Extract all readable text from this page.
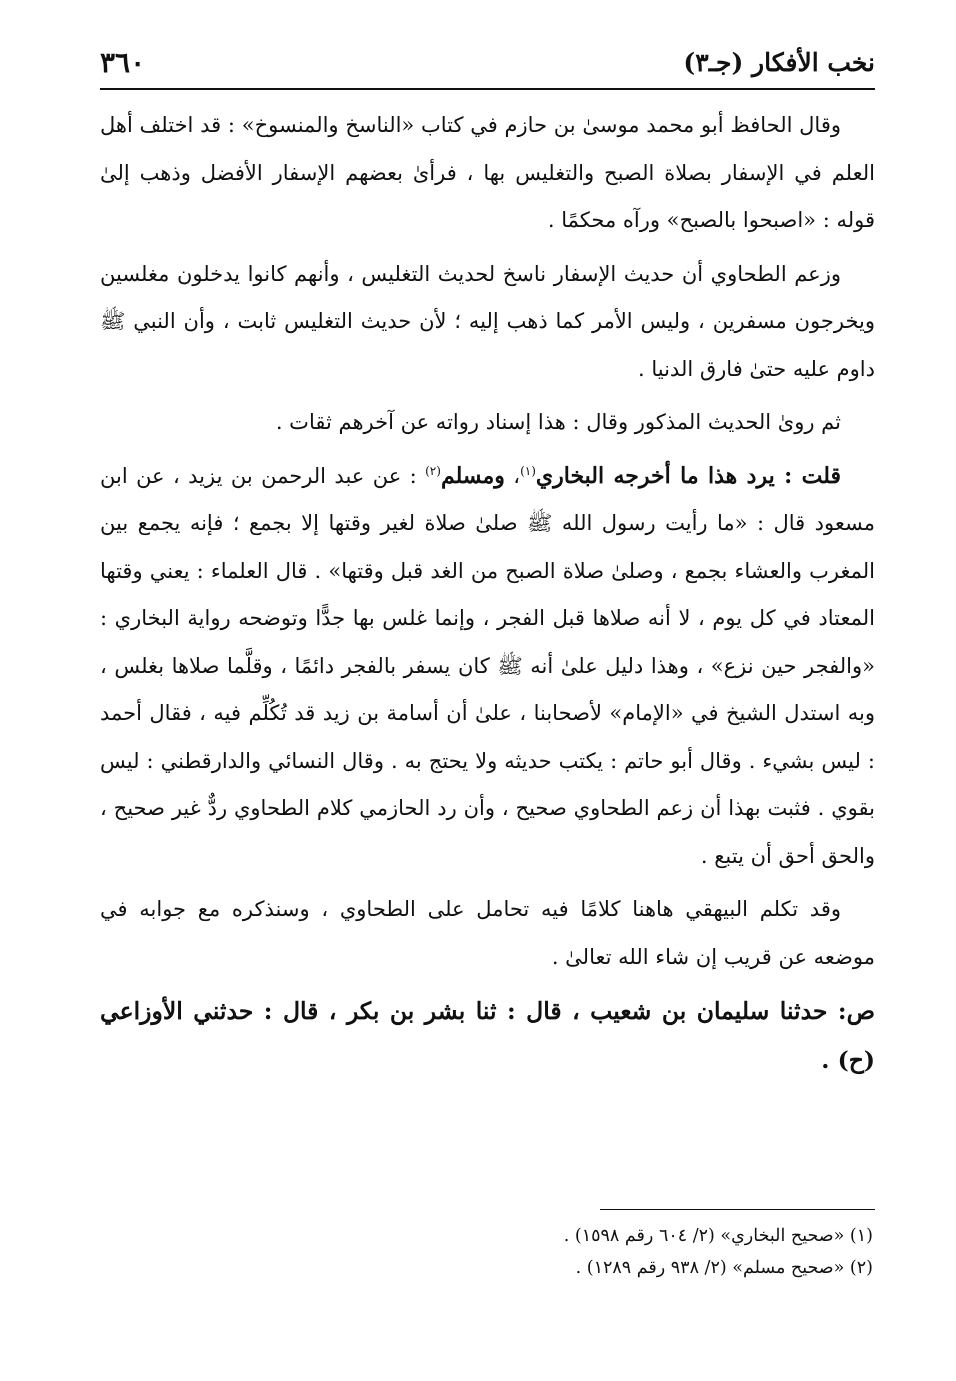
٣٦٠	نخب الأفكار (جـ٣)

وقال الحافظ أبو محمد موسىٰ بن حازم في كتاب «الناسخ والمنسوخ» : قد اختلف أهل العلم في الإسفار بصلاة الصبح والتغليس بها ، فرأىٰ بعضهم الإسفار الأفضل وذهب إلىٰ قوله : «اصبحوا بالصبح» ورآه محكمًا .

وزعم الطحاوي أن حديث الإسفار ناسخ لحديث التغليس ، وأنهم كانوا يدخلون مغلسين ويخرجون مسفرين ، وليس الأمر كما ذهب إليه ؛ لأن حديث التغليس ثابت ، وأن النبي ﷺ داوم عليه حتىٰ فارق الدنيا .

ثم روىٰ الحديث المذكور وقال : هذا إسناد رواته عن آخرهم ثقات .

قلت : يرد هذا ما أخرجه البخاري$^{(١)}$، ومسلم$^{(٢)}$ : عن عبد الرحمن بن يزيد ، عن ابن مسعود قال : «ما رأيت رسول الله ﷺ صلىٰ صلاة لغير وقتها إلا بجمع ؛ فإنه يجمع بين المغرب والعشاء بجمع ، وصلىٰ صلاة الصبح من الغد قبل وقتها» . قال العلماء : يعني وقتها المعتاد في كل يوم ، لا أنه صلاها قبل الفجر ، وإنما غلس بها جدًّا وتوضحه رواية البخاري : «والفجر حين نزع» ، وهذا دليل علىٰ أنه ﷺ كان يسفر بالفجر دائمًا ، وقلَّما صلاها بغلس ، وبه استدل الشيخ في «الإمام» لأصحابنا ، علىٰ أن أسامة بن زيد قد تُكُلِّم فيه ، فقال أحمد : ليس بشيء . وقال أبو حاتم : يكتب حديثه ولا يحتج به . وقال النسائي والدارقطني : ليس بقوي . فثبت بهذا أن زعم الطحاوي صحيح ، وأن رد الحازمي كلام الطحاوي ردٌّ غير صحيح ، والحق أحق أن يتبع .

وقد تكلم البيهقي هاهنا كلامًا فيه تحامل على الطحاوي ، وسنذكره مع جوابه في موضعه عن قريب إن شاء الله تعالىٰ .

ص: حدثنا سليمان بن شعيب ، قال : ثنا بشر بن بكر ، قال : حدثني الأوزاعي (ح) .

(١) «صحيح البخاري» (٢/ ٦٠٤ رقم ١٥٩٨) .

(٢) «صحيح مسلم» (٢/ ٩٣٨ رقم ١٢٨٩) .
